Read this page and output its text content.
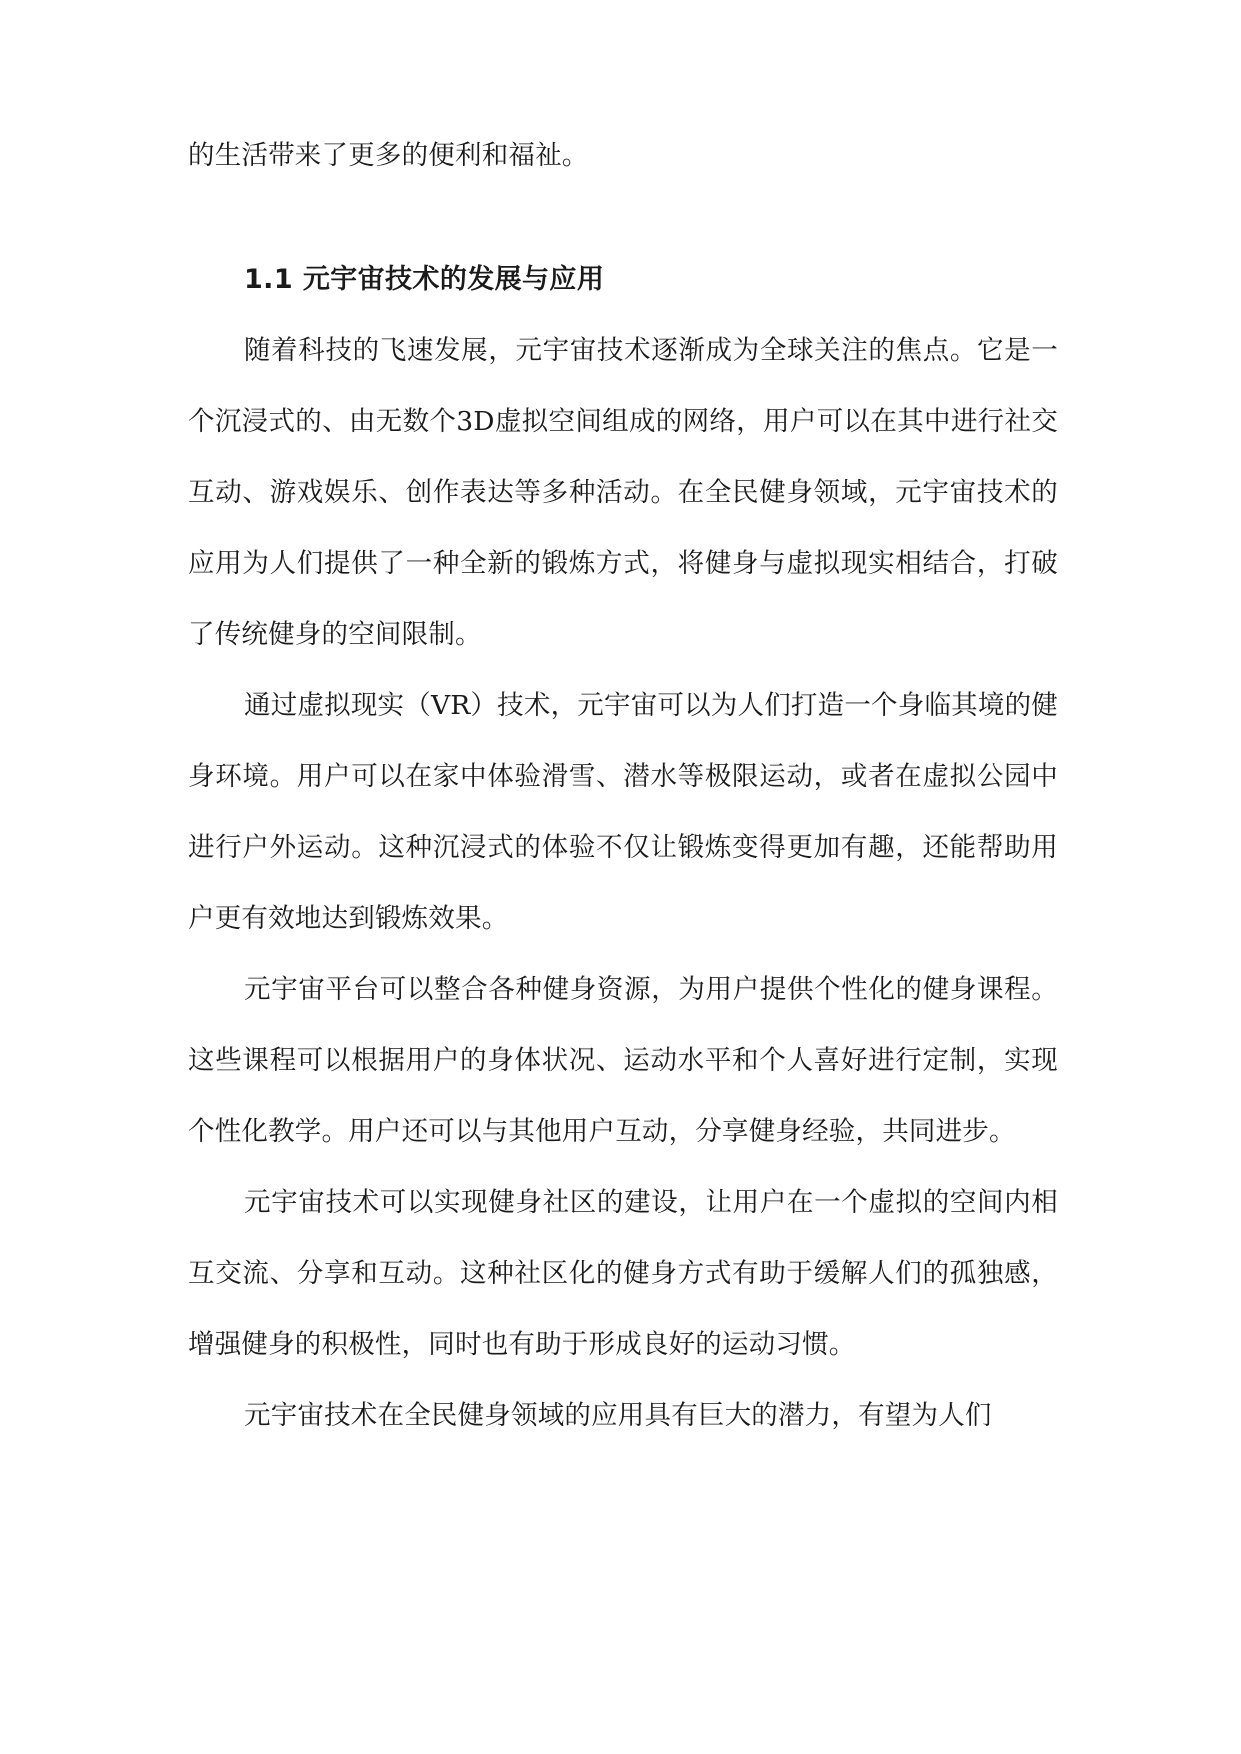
的生活带来了更多的便利和福祉。

1.1 元宇宙技术的发展与应用

随着科技的飞速发展，元宇宙技术逐渐成为全球关注的焦点。它是一个沉浸式的、由无数个3D虚拟空间组成的网络，用户可以在其中进行社交互动、游戏娱乐、创作表达等多种活动。在全民健身领域，元宇宙技术的应用为人们提供了一种全新的锻炼方式，将健身与虚拟现实相结合，打破了传统健身的空间限制。

通过虚拟现实（VR）技术，元宇宙可以为人们打造一个身临其境的健身环境。用户可以在家中体验滑雪、潜水等极限运动，或者在虚拟公园中进行户外运动。这种沉浸式的体验不仅让锻炼变得更加有趣，还能帮助用户更有效地达到锻炼效果。

元宇宙平台可以整合各种健身资源，为用户提供个性化的健身课程。这些课程可以根据用户的身体状况、运动水平和个人喜好进行定制，实现个性化教学。用户还可以与其他用户互动，分享健身经验，共同进步。

元宇宙技术可以实现健身社区的建设，让用户在一个虚拟的空间内相互交流、分享和互动。这种社区化的健身方式有助于缓解人们的孤独感，增强健身的积极性，同时也有助于形成良好的运动习惯。

元宇宙技术在全民健身领域的应用具有巨大的潜力，有望为人们
